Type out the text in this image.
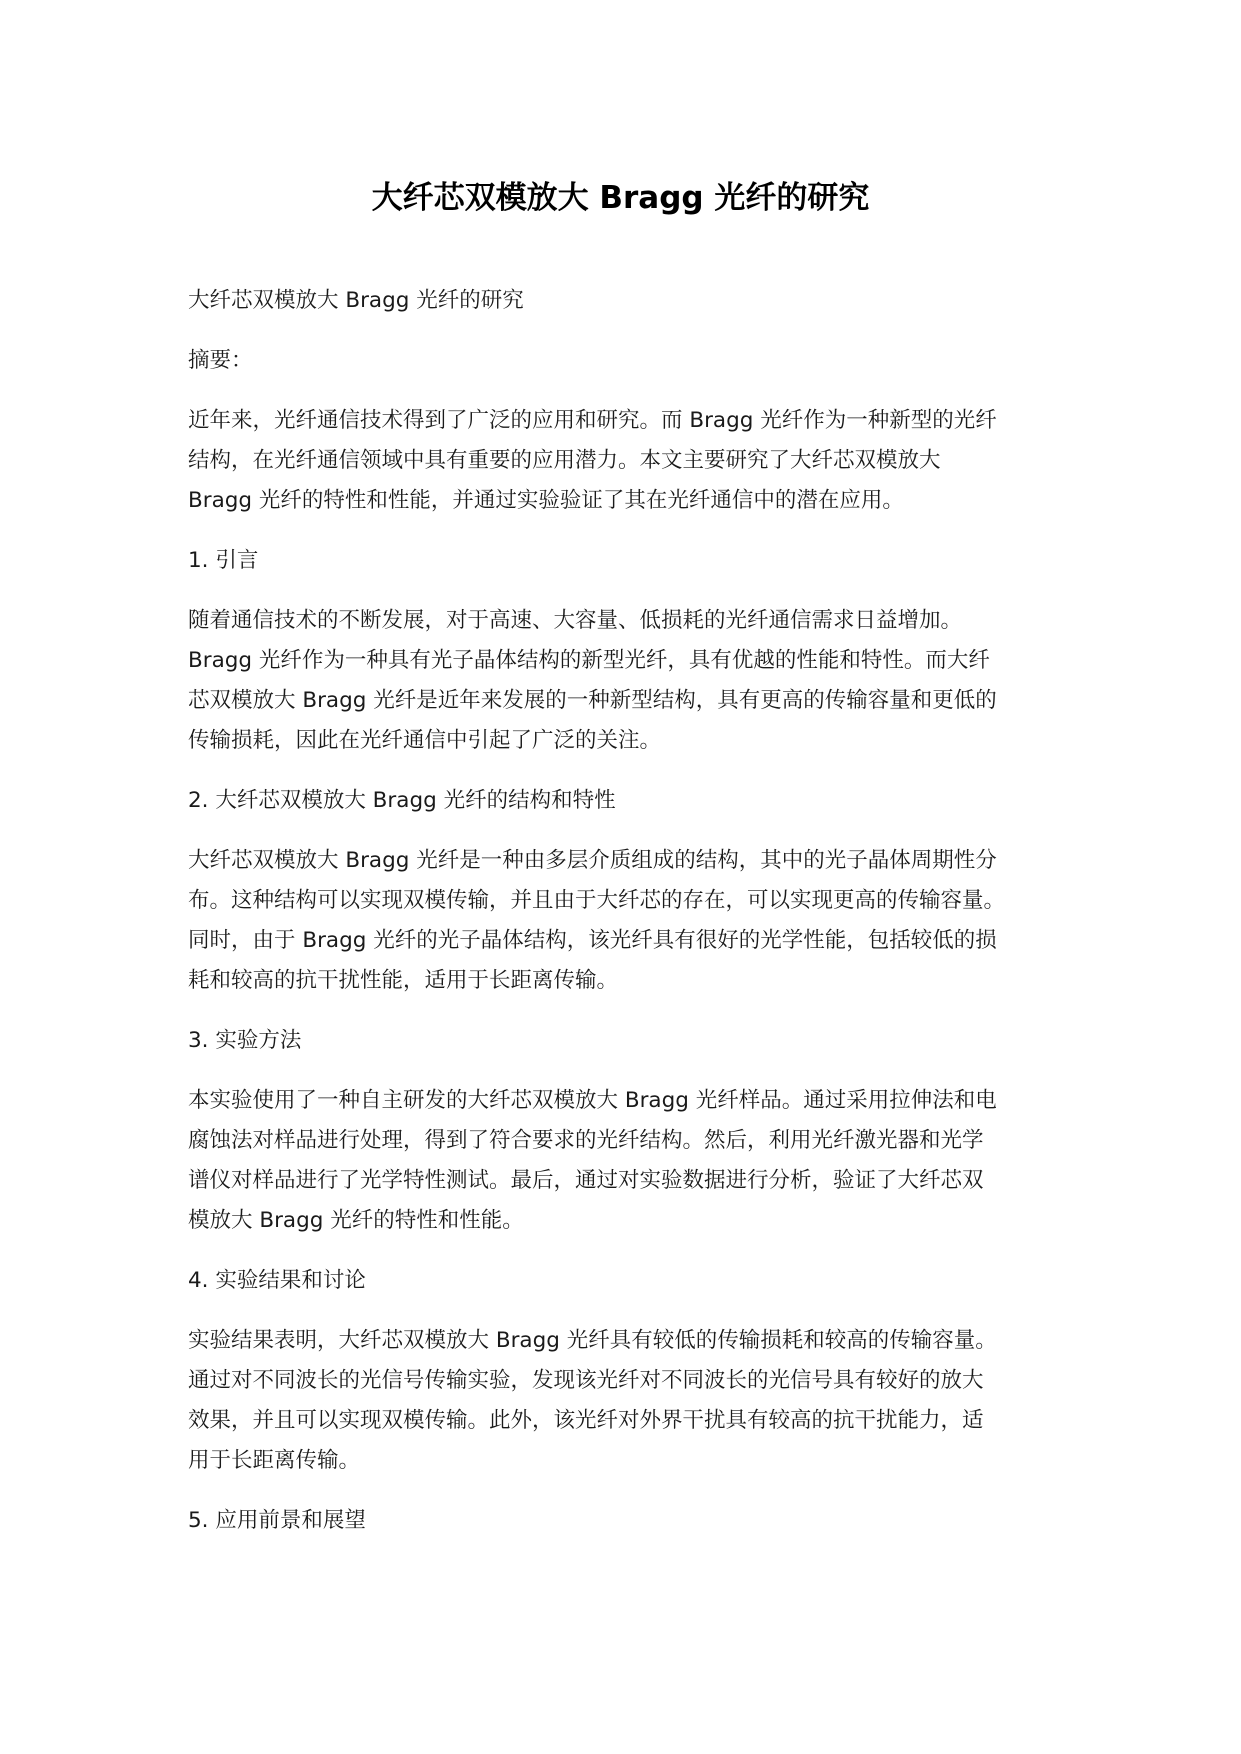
大纤芯双模放大 Bragg 光纤的研究
大纤芯双模放大 Bragg 光纤的研究
摘要：
近年来，光纤通信技术得到了广泛的应用和研究。而 Bragg 光纤作为一种新型的光纤
结构，在光纤通信领域中具有重要的应用潜力。本文主要研究了大纤芯双模放大
Bragg 光纤的特性和性能，并通过实验验证了其在光纤通信中的潜在应用。
1. 引言
随着通信技术的不断发展，对于高速、大容量、低损耗的光纤通信需求日益增加。
Bragg 光纤作为一种具有光子晶体结构的新型光纤，具有优越的性能和特性。而大纤
芯双模放大 Bragg 光纤是近年来发展的一种新型结构，具有更高的传输容量和更低的
传输损耗，因此在光纤通信中引起了广泛的关注。
2. 大纤芯双模放大 Bragg 光纤的结构和特性
大纤芯双模放大 Bragg 光纤是一种由多层介质组成的结构，其中的光子晶体周期性分
布。这种结构可以实现双模传输，并且由于大纤芯的存在，可以实现更高的传输容量。
同时，由于 Bragg 光纤的光子晶体结构，该光纤具有很好的光学性能，包括较低的损
耗和较高的抗干扰性能，适用于长距离传输。
3. 实验方法
本实验使用了一种自主研发的大纤芯双模放大 Bragg 光纤样品。通过采用拉伸法和电
腐蚀法对样品进行处理，得到了符合要求的光纤结构。然后，利用光纤激光器和光学
谱仪对样品进行了光学特性测试。最后，通过对实验数据进行分析，验证了大纤芯双
模放大 Bragg 光纤的特性和性能。
4. 实验结果和讨论
实验结果表明，大纤芯双模放大 Bragg 光纤具有较低的传输损耗和较高的传输容量。
通过对不同波长的光信号传输实验，发现该光纤对不同波长的光信号具有较好的放大
效果，并且可以实现双模传输。此外，该光纤对外界干扰具有较高的抗干扰能力，适
用于长距离传输。
5. 应用前景和展望
